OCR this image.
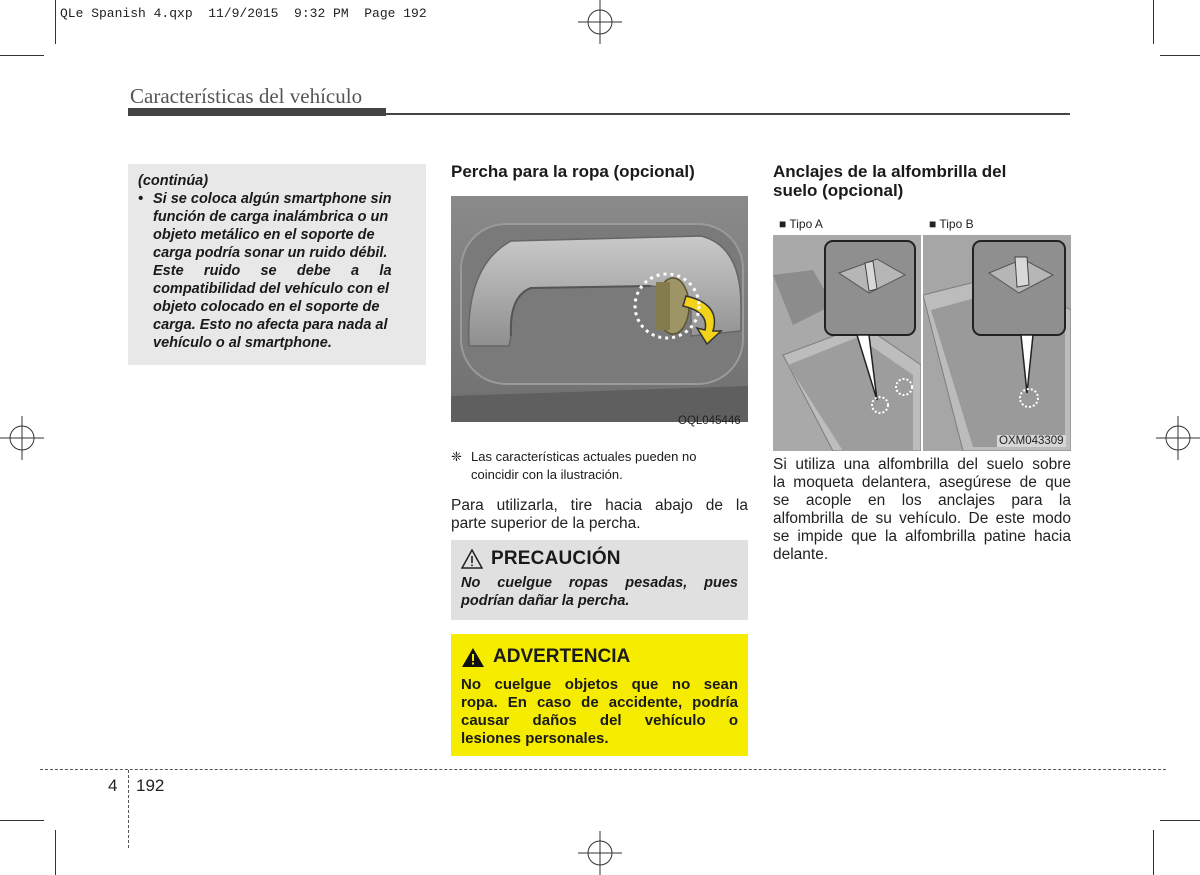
QLe Spanish 4.qxp  11/9/2015  9:32 PM  Page 192
Características del vehículo
(continúa)
• Si se coloca algún smartphone sin
función de carga inalámbrica o un
objeto metálico en el soporte de
carga podría sonar un ruido débil.
Este ruido se debe a la
compatibilidad del vehículo con el
objeto colocado en el soporte de
carga. Esto no afecta para nada al
vehículo o al smartphone.
Percha para la ropa (opcional)
OQL045446
❈ Las características actuales pueden no
coincidir con la ilustración.
Para utilizarla, tire hacia abajo de la
parte superior de la percha.
PRECAUCIÓN
No cuelgue ropas pesadas, pues
podrían dañar la percha.
ADVERTENCIA
No cuelgue objetos que no sean
ropa. En caso de accidente, podría
causar daños del vehículo o
lesiones personales.
Anclajes de la alfombrilla del
suelo (opcional)
■ Tipo A	■ Tipo B
OXM043309
Si utiliza una alfombrilla del suelo sobre
la moqueta delantera, asegúrese de que
se acople en los anclajes para la
alfombrilla de su vehículo. De este modo
se impide que la alfombrilla patine hacia
delante.
4 192
